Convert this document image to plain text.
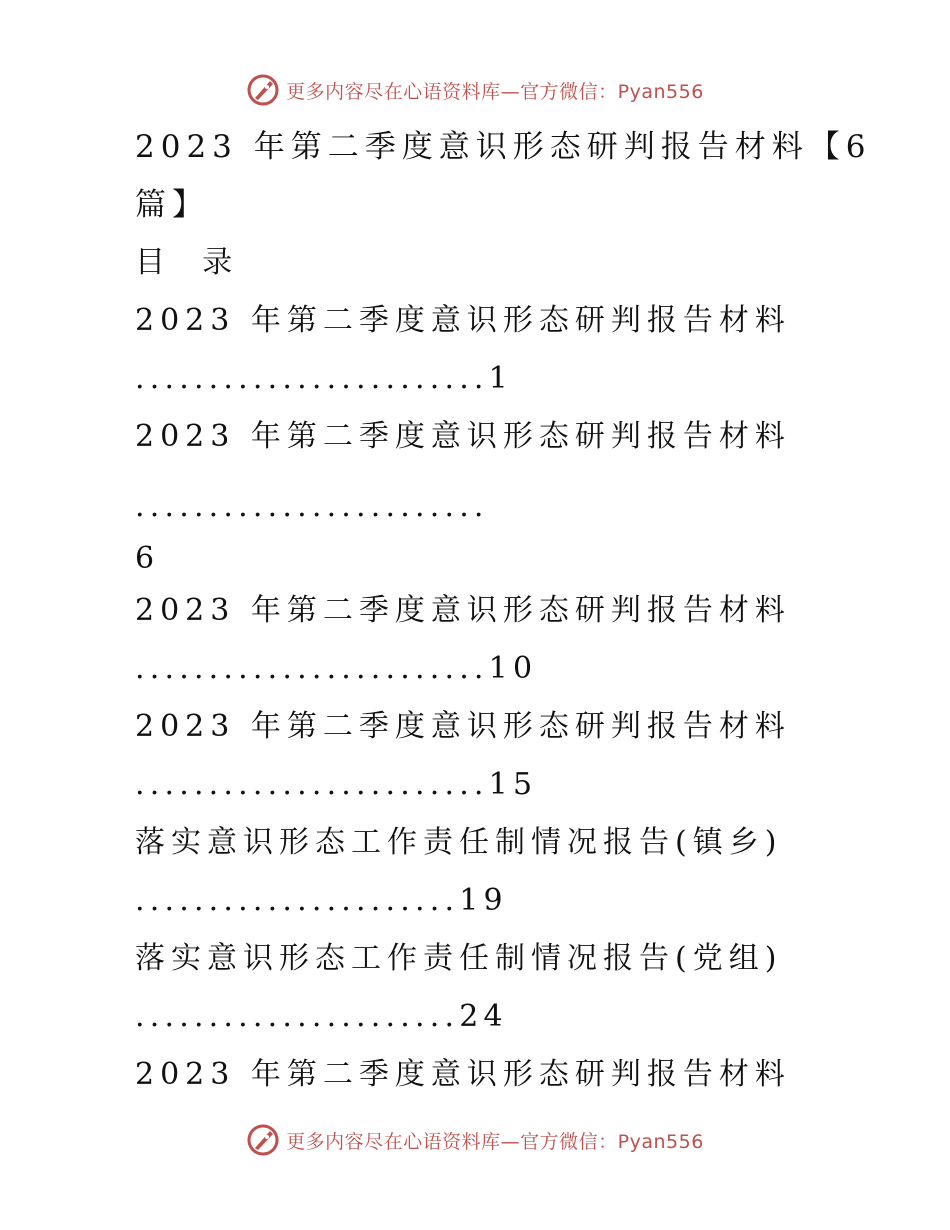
更多内容尽在心语资料库—官方微信：Pyan556
2023 年第二季度意识形态研判报告材料【6
篇】
目  录
2023 年第二季度意识形态研判报告材料
........................1
2023 年第二季度意识形态研判报告材料
........................
6
2023 年第二季度意识形态研判报告材料
........................10
2023 年第二季度意识形态研判报告材料
........................15
落实意识形态工作责任制情况报告(镇乡)
......................19
落实意识形态工作责任制情况报告(党组)
......................24
2023 年第二季度意识形态研判报告材料
更多内容尽在心语资料库—官方微信：Pyan556
